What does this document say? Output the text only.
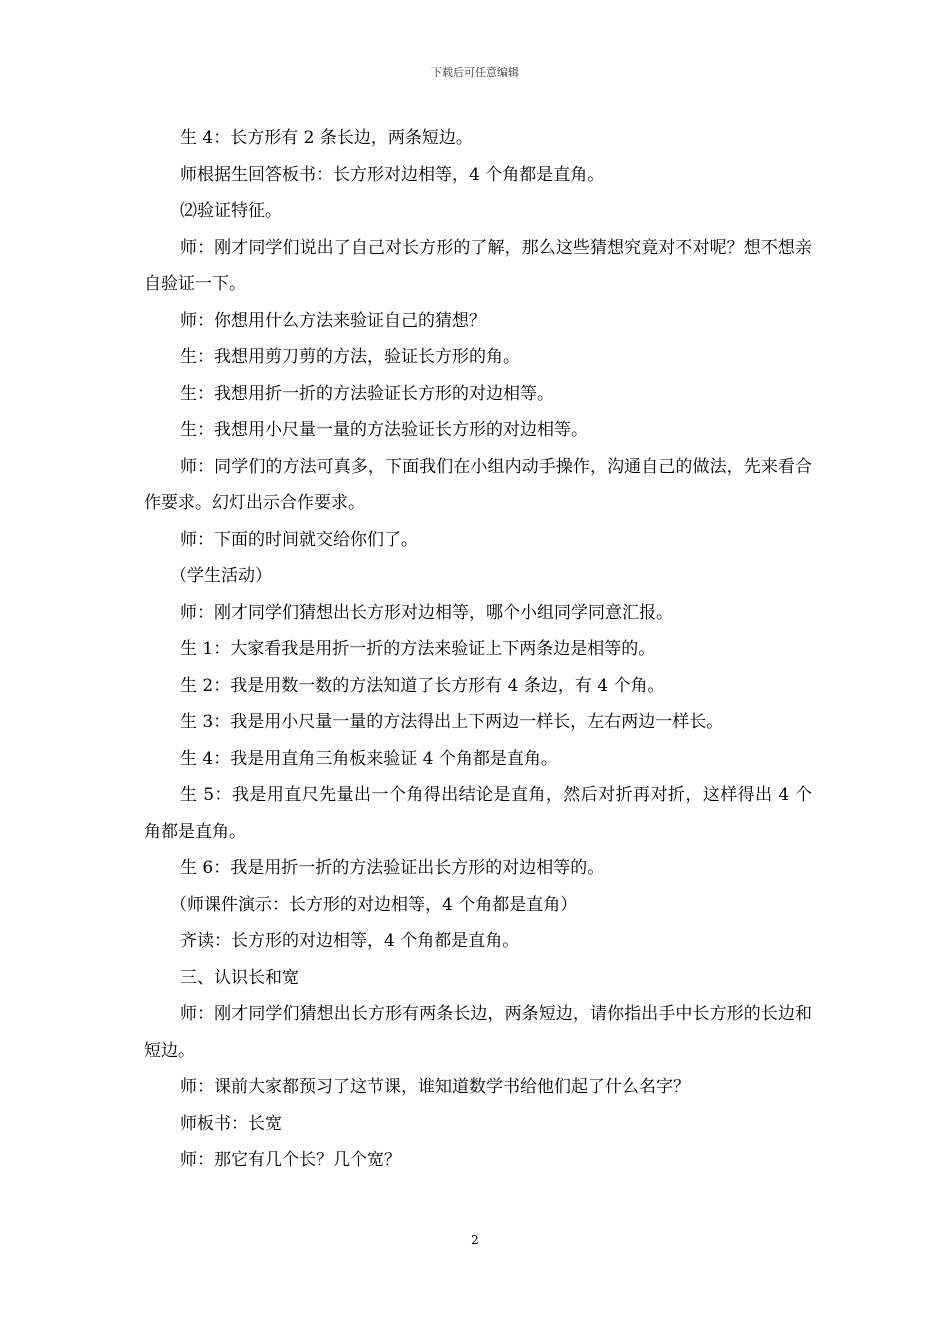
下载后可任意编辑

生 4：长方形有 2 条长边，两条短边。

师根据生回答板书：长方形对边相等，4 个角都是直角。

⑵验证特征。

师：刚才同学们说出了自己对长方形的了解，那么这些猜想究竟对不对呢？想不想亲自验证一下。

师：你想用什么方法来验证自己的猜想？

生：我想用剪刀剪的方法，验证长方形的角。

生：我想用折一折的方法验证长方形的对边相等。

生：我想用小尺量一量的方法验证长方形的对边相等。

师：同学们的方法可真多，下面我们在小组内动手操作，沟通自己的做法，先来看合作要求。幻灯出示合作要求。

师：下面的时间就交给你们了。

（学生活动）

师：刚才同学们猜想出长方形对边相等，哪个小组同学同意汇报。

生 1：大家看我是用折一折的方法来验证上下两条边是相等的。

生 2：我是用数一数的方法知道了长方形有 4 条边，有 4 个角。

生 3：我是用小尺量一量的方法得出上下两边一样长，左右两边一样长。

生 4：我是用直角三角板来验证 4 个角都是直角。

生 5：我是用直尺先量出一个角得出结论是直角，然后对折再对折，这样得出 4 个角都是直角。

生 6：我是用折一折的方法验证出长方形的对边相等的。

（师课件演示：长方形的对边相等，4 个角都是直角）

齐读：长方形的对边相等，4 个角都是直角。

三、认识长和宽

师：刚才同学们猜想出长方形有两条长边，两条短边，请你指出手中长方形的长边和短边。

师：课前大家都预习了这节课，谁知道数学书给他们起了什么名字？

师板书：长宽

师：那它有几个长？几个宽？

2
